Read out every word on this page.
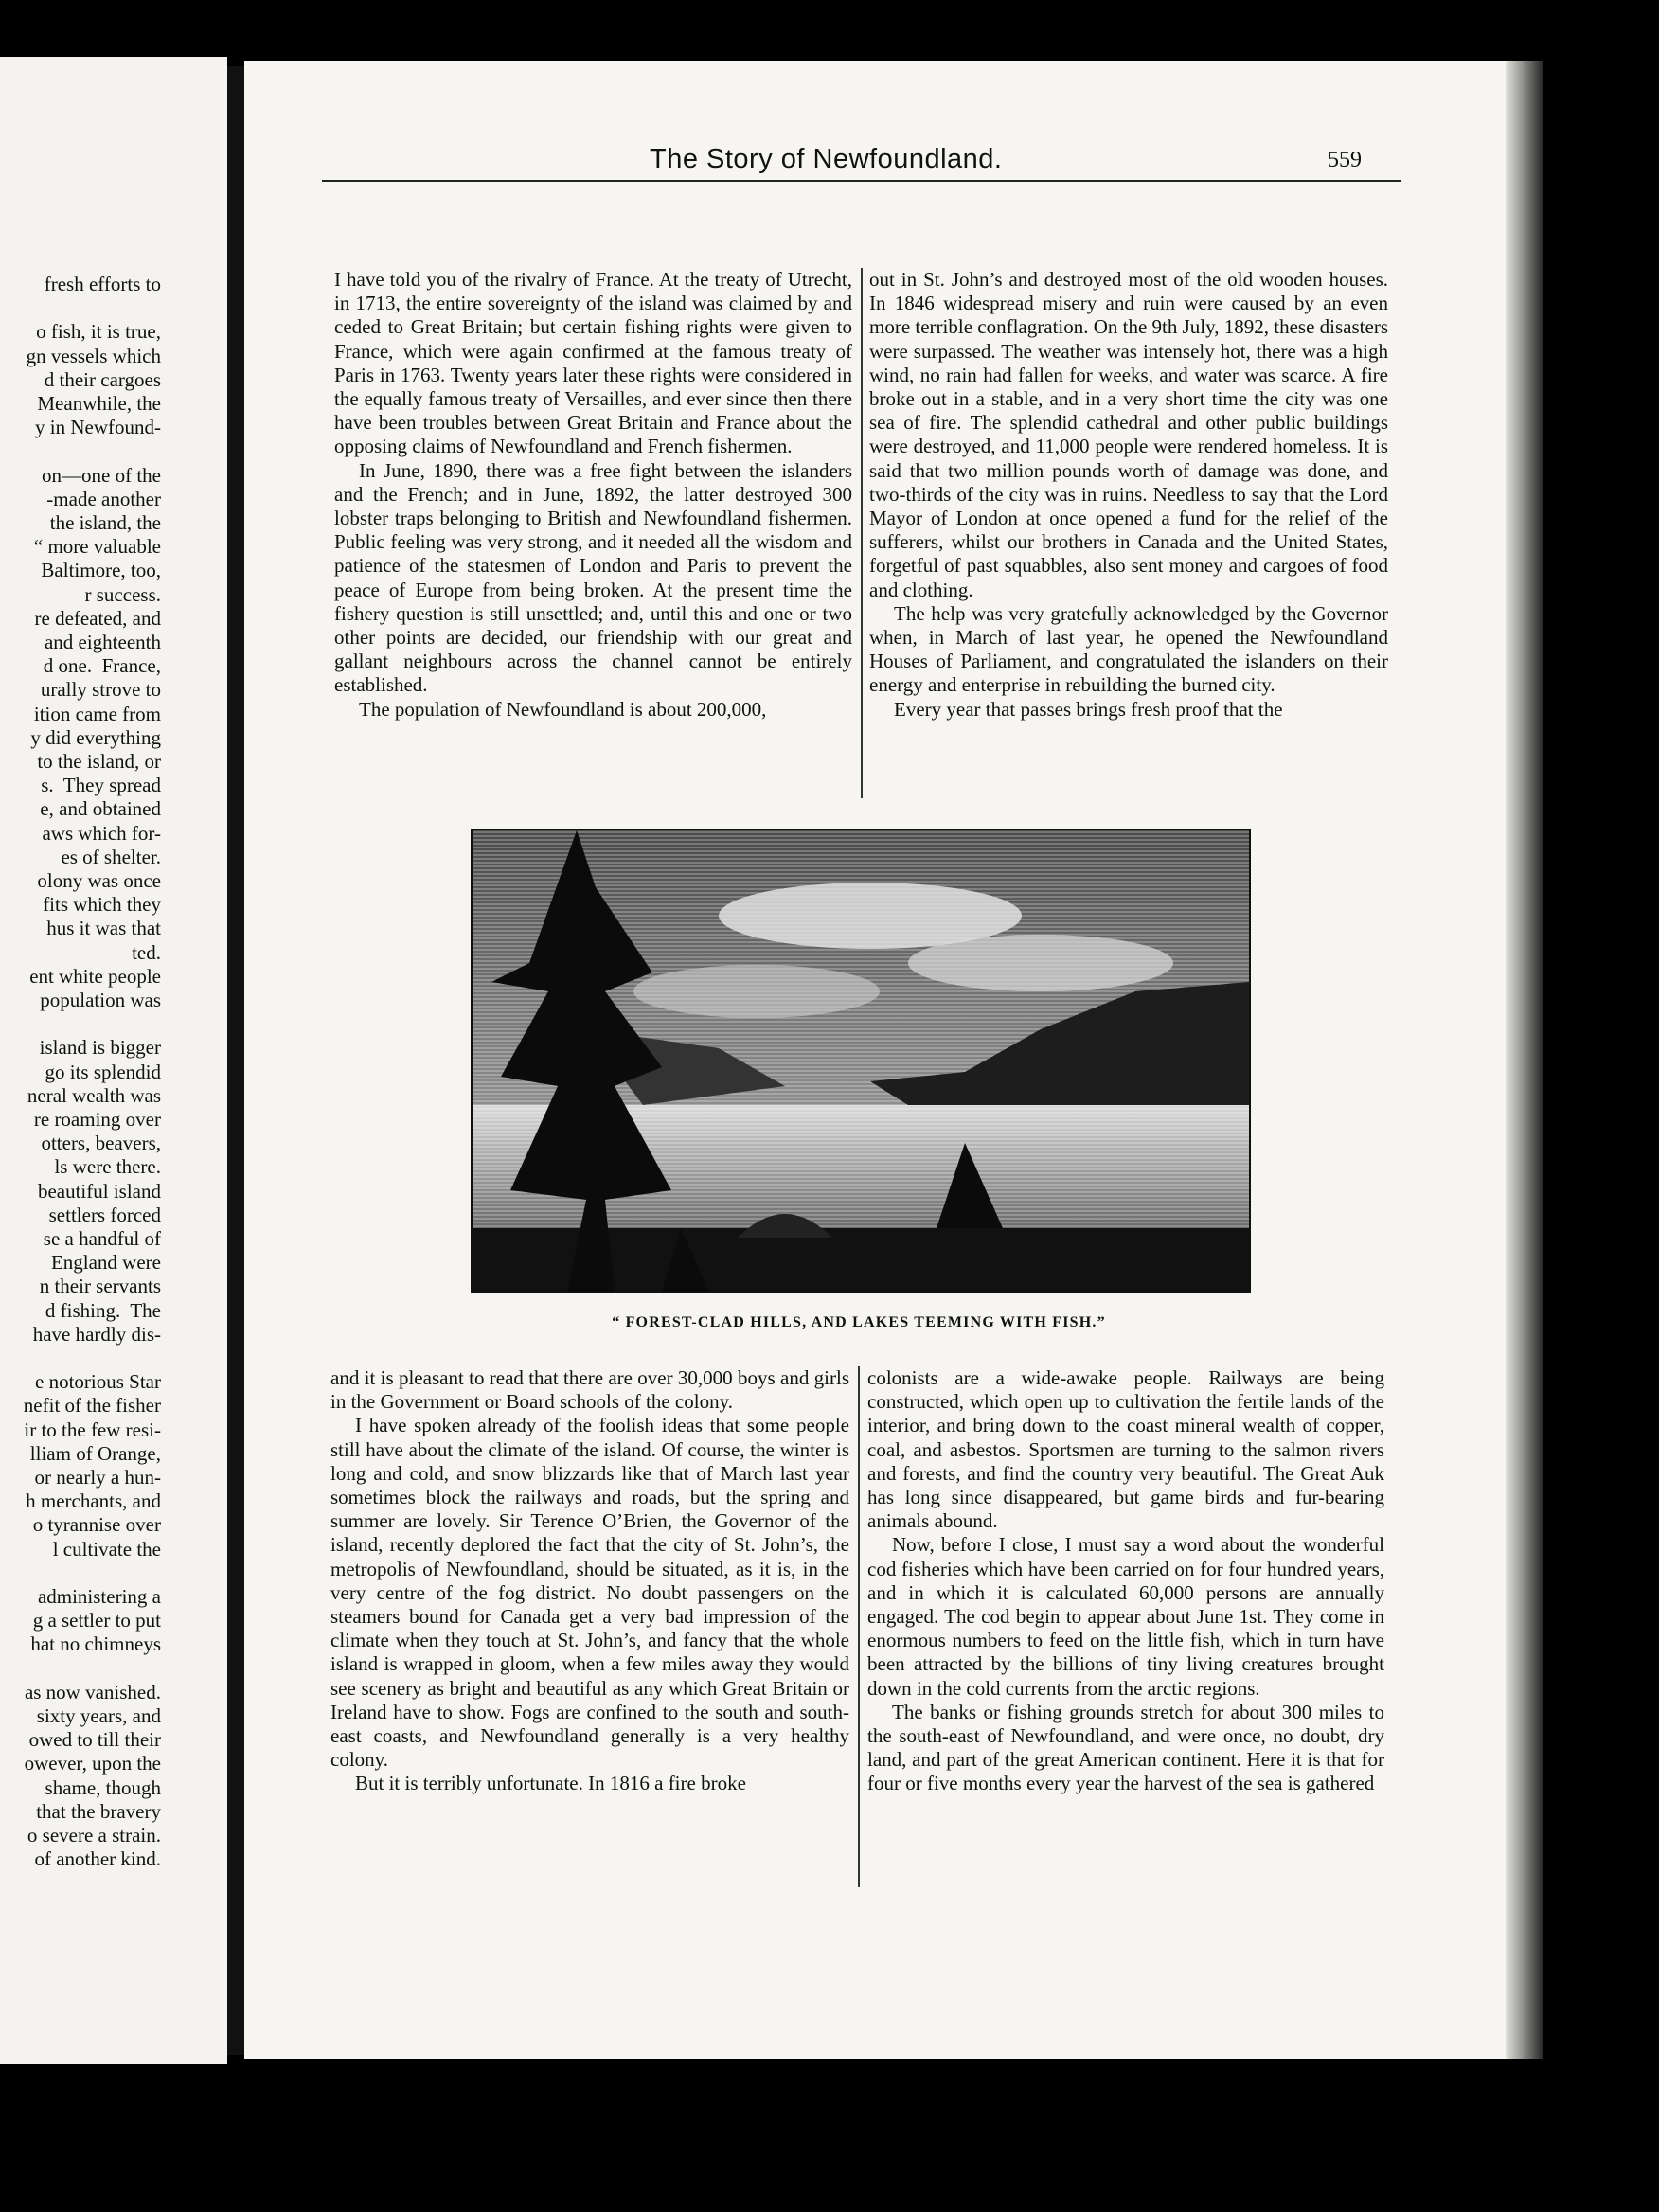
fresh efforts to
o fish, it is true,
gn vessels which
d their cargoes
Meanwhile, the
y in Newfound-
on—one of the
-made another
the island, the
“ more valuable
Baltimore, too,
r success.
re defeated, and
and eighteenth
d one.  France,
urally strove to
ition came from
y did everything
to the island, or
s.  They spread
e, and obtained
aws which for-
es of shelter.
olony was once
fits which they
hus it was that
ted.
ent white people
population was
island is bigger
go its splendid
neral wealth was
re roaming over
otters, beavers,
ls were there.
beautiful island
settlers forced
se a handful of
England were
n their servants
d fishing.  The
have hardly dis-
e notorious Star
nefit of the fisher
ir to the few resi-
lliam of Orange,
or nearly a hun-
h merchants, and
o tyrannise over
l cultivate the
administering a
g a settler to put
hat no chimneys
as now vanished.
sixty years, and
owed to till their
owever, upon the
shame, though
that the bravery
o severe a strain.
of another kind.
The Story of Newfoundland.	559

I have told you of the rivalry of France. At the treaty of Utrecht, in 1713, the entire sovereignty of the island was claimed by and ceded to Great Britain; but certain fishing rights were given to France, which were again confirmed at the famous treaty of Paris in 1763. Twenty years later these rights were considered in the equally famous treaty of Versailles, and ever since then there have been troubles between Great Britain and France about the opposing claims of Newfoundland and French fishermen.

In June, 1890, there was a free fight between the islanders and the French; and in June, 1892, the latter destroyed 300 lobster traps belonging to British and Newfoundland fishermen. Public feeling was very strong, and it needed all the wisdom and patience of the statesmen of London and Paris to prevent the peace of Europe from being broken. At the present time the fishery question is still unsettled; and, until this and one or two other points are decided, our friendship with our great and gallant neighbours across the channel cannot be entirely established.

The population of Newfoundland is about 200,000,

out in St. John’s and destroyed most of the old wooden houses. In 1846 widespread misery and ruin were caused by an even more terrible conflagration. On the 9th July, 1892, these disasters were surpassed. The weather was intensely hot, there was a high wind, no rain had fallen for weeks, and water was scarce. A fire broke out in a stable, and in a very short time the city was one sea of fire. The splendid cathedral and other public buildings were destroyed, and 11,000 people were rendered homeless. It is said that two million pounds worth of damage was done, and two-thirds of the city was in ruins. Needless to say that the Lord Mayor of London at once opened a fund for the relief of the sufferers, whilst our brothers in Canada and the United States, forgetful of past squabbles, also sent money and cargoes of food and clothing.

The help was very gratefully acknowledged by the Governor when, in March of last year, he opened the Newfoundland Houses of Parliament, and congratulated the islanders on their energy and enterprise in rebuilding the burned city.

Every year that passes brings fresh proof that the

“ FOREST-CLAD HILLS, AND LAKES TEEMING WITH FISH.”

and it is pleasant to read that there are over 30,000 boys and girls in the Government or Board schools of the colony.

I have spoken already of the foolish ideas that some people still have about the climate of the island. Of course, the winter is long and cold, and snow blizzards like that of March last year sometimes block the railways and roads, but the spring and summer are lovely. Sir Terence O’Brien, the Governor of the island, recently deplored the fact that the city of St. John’s, the metropolis of Newfoundland, should be situated, as it is, in the very centre of the fog district. No doubt passengers on the steamers bound for Canada get a very bad impression of the climate when they touch at St. John’s, and fancy that the whole island is wrapped in gloom, when a few miles away they would see scenery as bright and beautiful as any which Great Britain or Ireland have to show. Fogs are confined to the south and south-east coasts, and Newfoundland generally is a very healthy colony.

But it is terribly unfortunate. In 1816 a fire broke

colonists are a wide-awake people. Railways are being constructed, which open up to cultivation the fertile lands of the interior, and bring down to the coast mineral wealth of copper, coal, and asbestos. Sportsmen are turning to the salmon rivers and forests, and find the country very beautiful. The Great Auk has long since disappeared, but game birds and fur-bearing animals abound.

Now, before I close, I must say a word about the wonderful cod fisheries which have been carried on for four hundred years, and in which it is calculated 60,000 persons are annually engaged. The cod begin to appear about June 1st. They come in enormous numbers to feed on the little fish, which in turn have been attracted by the billions of tiny living creatures brought down in the cold currents from the arctic regions.

The banks or fishing grounds stretch for about 300 miles to the south-east of Newfoundland, and were once, no doubt, dry land, and part of the great American continent. Here it is that for four or five months every year the harvest of the sea is gathered
